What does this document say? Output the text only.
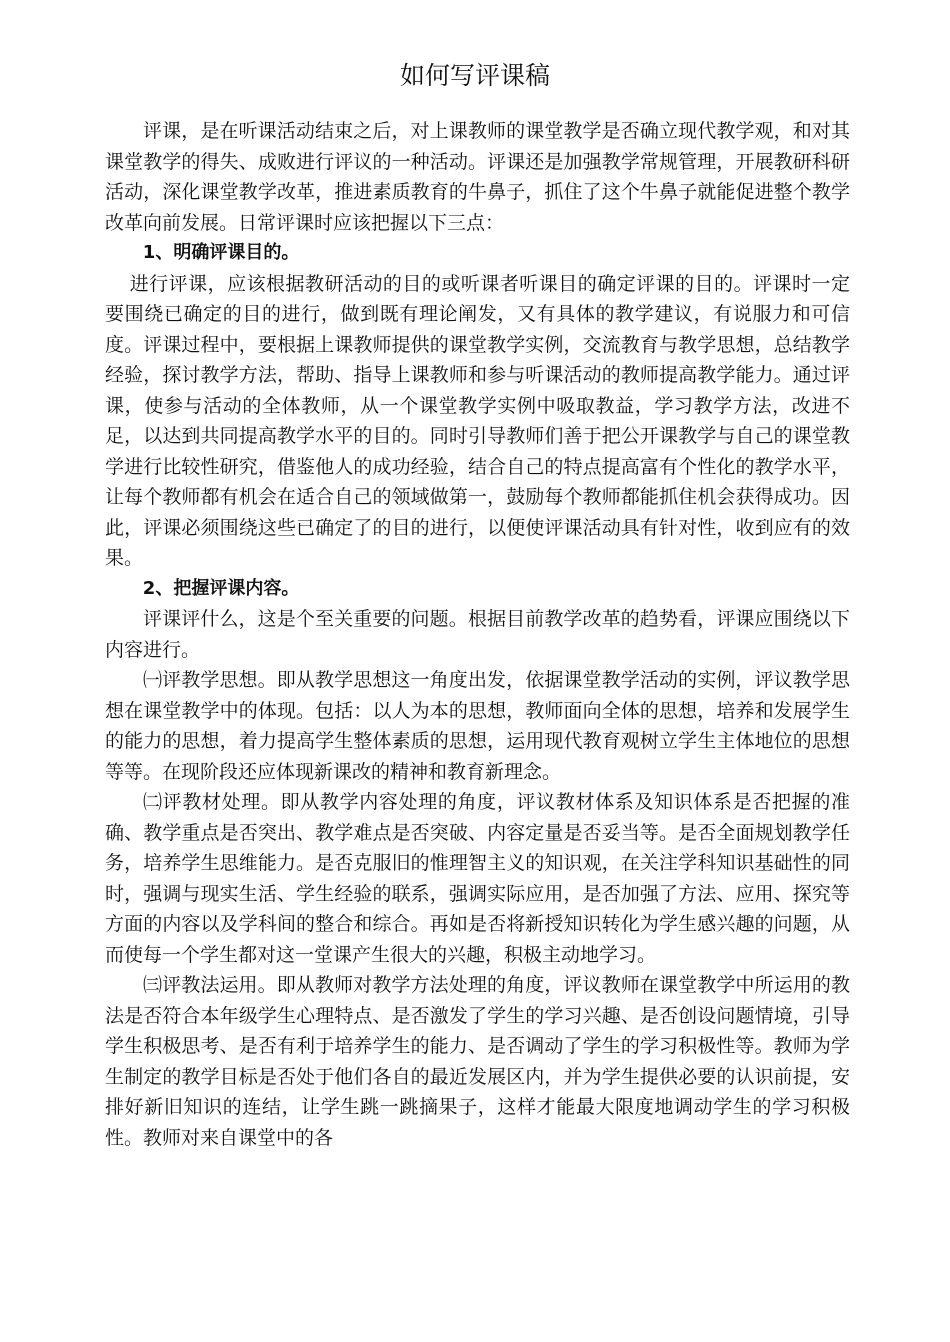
如何写评课稿

评课，是在听课活动结束之后，对上课教师的课堂教学是否确立现代教学观，和对其课堂教学的得失、成败进行评议的一种活动。评课还是加强教学常规管理，开展教研科研活动，深化课堂教学改革，推进素质教育的牛鼻子，抓住了这个牛鼻子就能促进整个教学改革向前发展。日常评课时应该把握以下三点：

1、明确评课目的。

进行评课，应该根据教研活动的目的或听课者听课目的确定评课的目的。评课时一定要围绕已确定的目的进行，做到既有理论阐发，又有具体的教学建议，有说服力和可信度。评课过程中，要根据上课教师提供的课堂教学实例，交流教育与教学思想，总结教学经验，探讨教学方法，帮助、指导上课教师和参与听课活动的教师提高教学能力。通过评课，使参与活动的全体教师，从一个课堂教学实例中吸取教益，学习教学方法，改进不足，以达到共同提高教学水平的目的。同时引导教师们善于把公开课教学与自己的课堂教学进行比较性研究，借鉴他人的成功经验，结合自己的特点提高富有个性化的教学水平，让每个教师都有机会在适合自己的领域做第一，鼓励每个教师都能抓住机会获得成功。因此，评课必须围绕这些已确定了的目的进行，以便使评课活动具有针对性，收到应有的效果。

2、把握评课内容。

评课评什么，这是个至关重要的问题。根据目前教学改革的趋势看，评课应围绕以下内容进行。

㈠评教学思想。即从教学思想这一角度出发，依据课堂教学活动的实例，评议教学思想在课堂教学中的体现。包括：以人为本的思想，教师面向全体的思想，培养和发展学生的能力的思想，着力提高学生整体素质的思想，运用现代教育观树立学生主体地位的思想等等。在现阶段还应体现新课改的精神和教育新理念。

㈡评教材处理。即从教学内容处理的角度，评议教材体系及知识体系是否把握的准确、教学重点是否突出、教学难点是否突破、内容定量是否妥当等。是否全面规划教学任务，培养学生思维能力。是否克服旧的惟理智主义的知识观，在关注学科知识基础性的同时，强调与现实生活、学生经验的联系，强调实际应用，是否加强了方法、应用、探究等方面的内容以及学科间的整合和综合。再如是否将新授知识转化为学生感兴趣的问题，从而使每一个学生都对这一堂课产生很大的兴趣，积极主动地学习。

㈢评教法运用。即从教师对教学方法处理的角度，评议教师在课堂教学中所运用的教法是否符合本年级学生心理特点、是否激发了学生的学习兴趣、是否创设问题情境，引导学生积极思考、是否有利于培养学生的能力、是否调动了学生的学习积极性等。教师为学生制定的教学目标是否处于他们各自的最近发展区内，并为学生提供必要的认识前提，安排好新旧知识的连结，让学生跳一跳摘果子，这样才能最大限度地调动学生的学习积极性。教师对来自课堂中的各
